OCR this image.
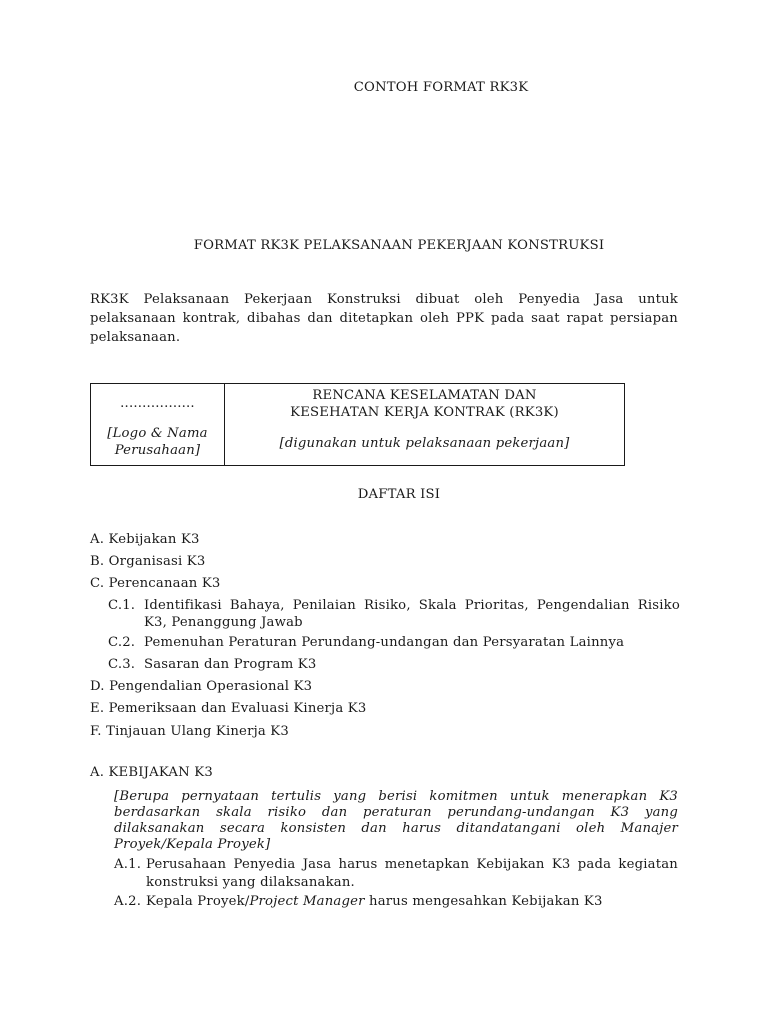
CONTOH FORMAT RK3K
FORMAT RK3K PELAKSANAAN PEKERJAAN KONSTRUKSI
RK3K Pelaksanaan Pekerjaan Konstruksi dibuat oleh Penyedia Jasa untuk pelaksanaan kontrak, dibahas dan ditetapkan oleh PPK pada saat rapat persiapan pelaksanaan.
.................
[Logo & Nama Perusahaan]
RENCANA KESELAMATAN DAN KESEHATAN KERJA KONTRAK (RK3K)
[digunakan untuk pelaksanaan pekerjaan]
DAFTAR ISI
A. Kebijakan K3
B. Organisasi K3
C. Perencanaan K3
C.1. Identifikasi Bahaya, Penilaian Risiko, Skala Prioritas, Pengendalian Risiko K3, Penanggung Jawab
C.2. Pemenuhan Peraturan Perundang-undangan dan Persyaratan Lainnya
C.3. Sasaran dan Program K3
D. Pengendalian Operasional K3
E. Pemeriksaan dan Evaluasi Kinerja K3
F. Tinjauan Ulang Kinerja K3
A. KEBIJAKAN K3
[Berupa pernyataan tertulis yang berisi komitmen untuk menerapkan K3 berdasarkan skala risiko dan peraturan perundang-undangan K3 yang dilaksanakan secara konsisten dan harus ditandatangani oleh Manajer Proyek/Kepala Proyek]
A.1. Perusahaan Penyedia Jasa harus menetapkan Kebijakan K3 pada kegiatan konstruksi yang dilaksanakan.
A.2. Kepala Proyek/Project Manager harus mengesahkan Kebijakan K3
